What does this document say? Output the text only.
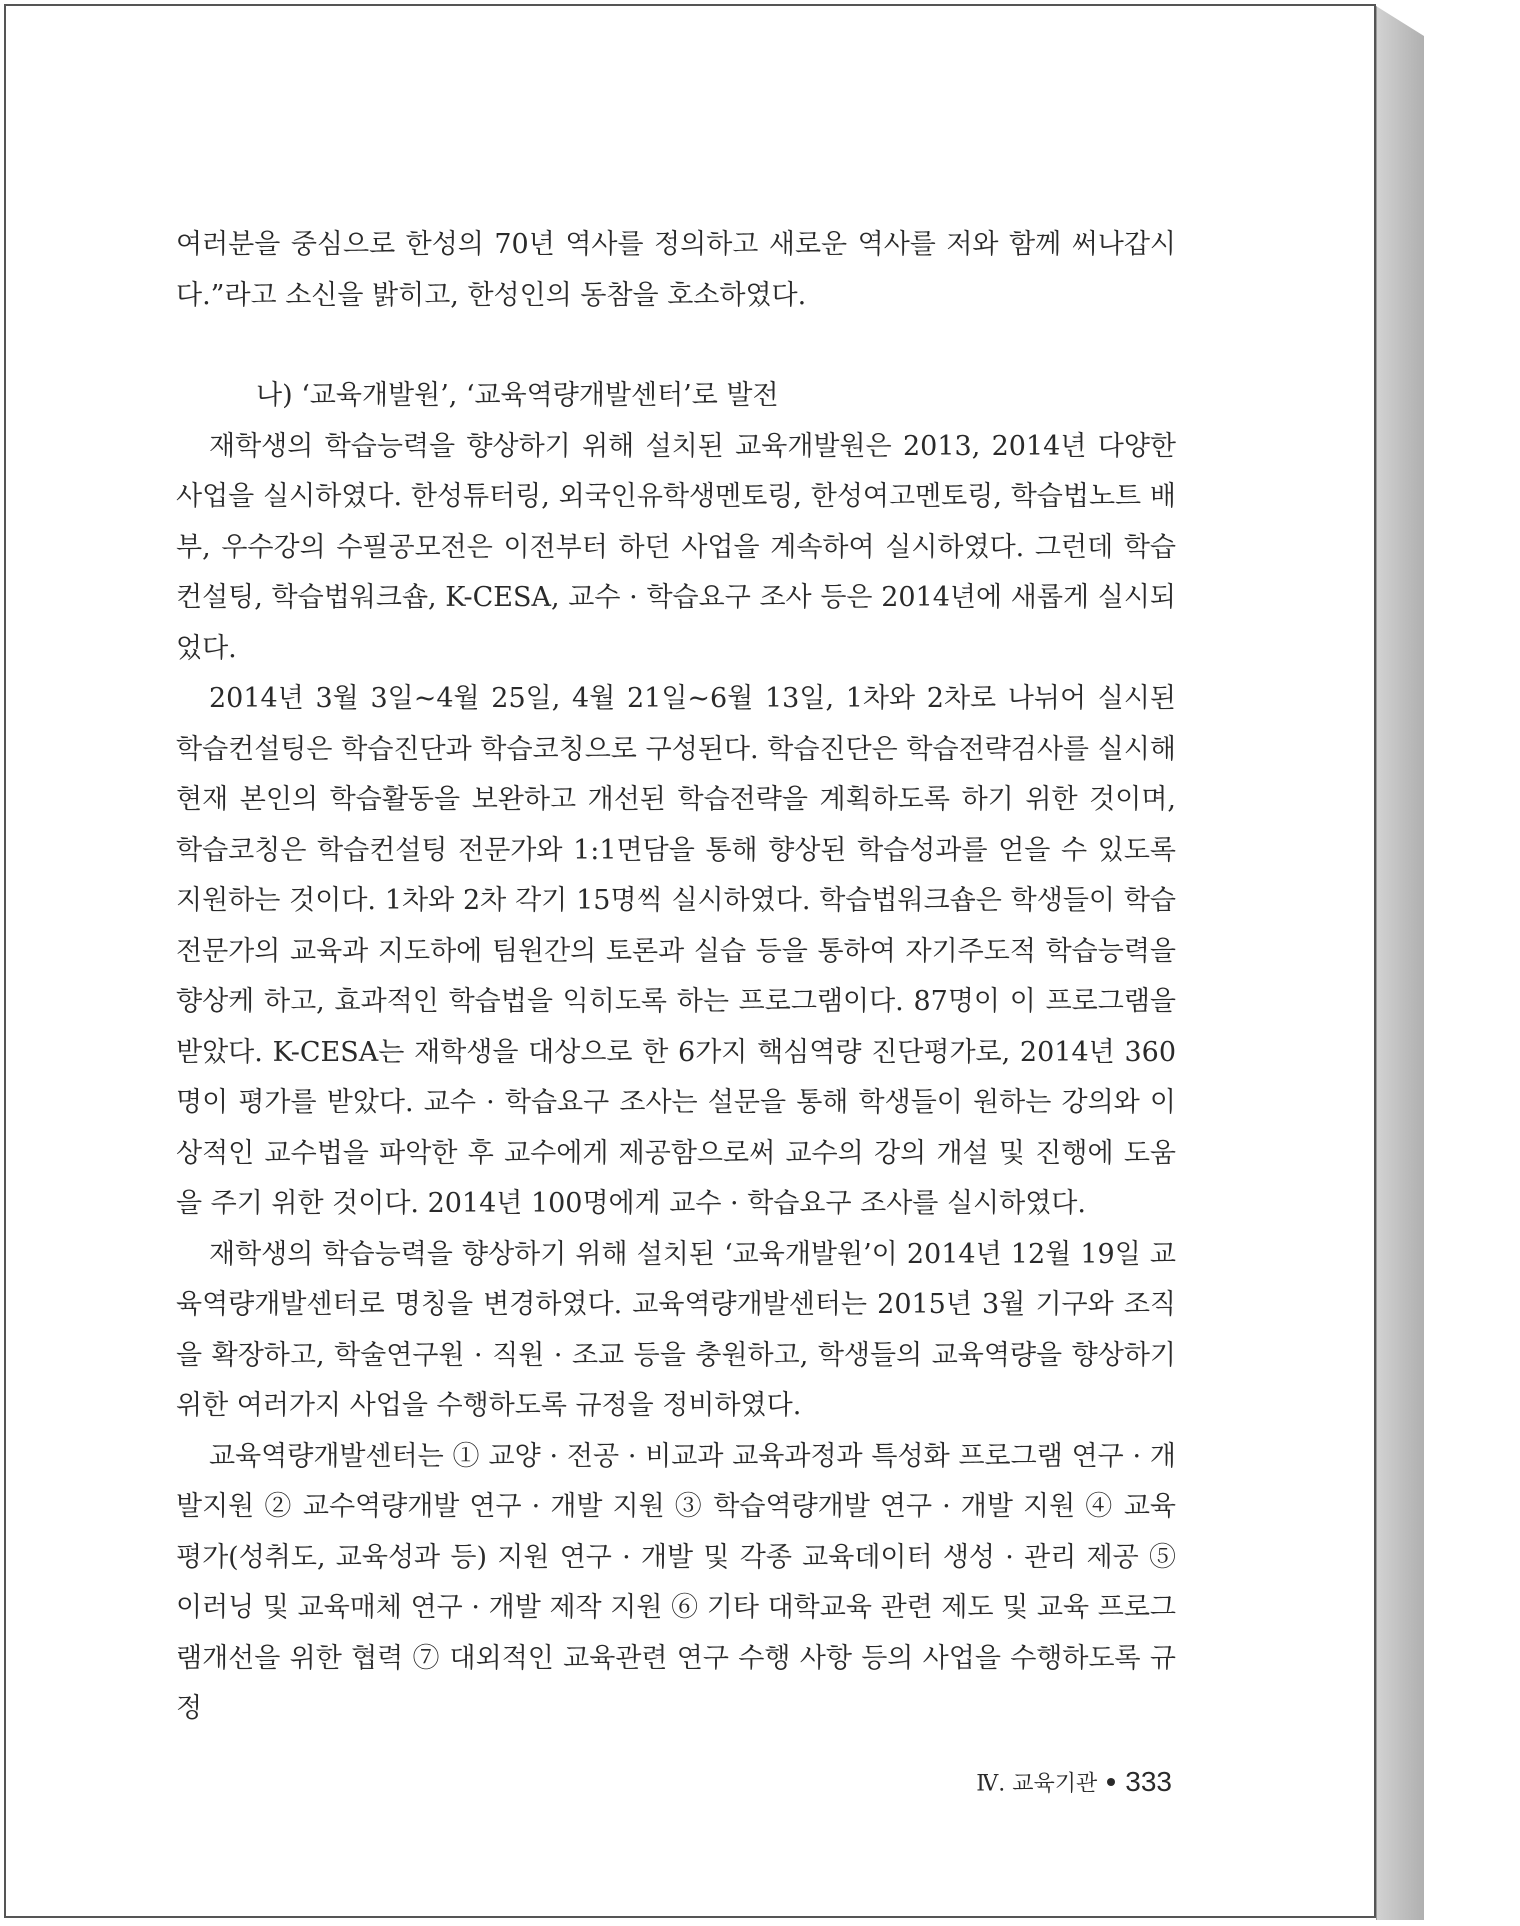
여러분을 중심으로 한성의 70년 역사를 정의하고 새로운 역사를 저와 함께 써나갑시다.”라고 소신을 밝히고, 한성인의 동참을 호소하였다.

나) ‘교육개발원’, ‘교육역량개발센터’로 발전

재학생의 학습능력을 향상하기 위해 설치된 교육개발원은 2013, 2014년 다양한 사업을 실시하였다. 한성튜터링, 외국인유학생멘토링, 한성여고멘토링, 학습법노트 배부, 우수강의 수필공모전은 이전부터 하던 사업을 계속하여 실시하였다. 그런데 학습컨설팅, 학습법워크숍, K-CESA, 교수 · 학습요구 조사 등은 2014년에 새롭게 실시되었다.

2014년 3월 3일~4월 25일, 4월 21일~6월 13일, 1차와 2차로 나뉘어 실시된 학습컨설팅은 학습진단과 학습코칭으로 구성된다. 학습진단은 학습전략검사를 실시해 현재 본인의 학습활동을 보완하고 개선된 학습전략을 계획하도록 하기 위한 것이며, 학습코칭은 학습컨설팅 전문가와 1:1면담을 통해 향상된 학습성과를 얻을 수 있도록 지원하는 것이다. 1차와 2차 각기 15명씩 실시하였다. 학습법워크숍은 학생들이 학습전문가의 교육과 지도하에 팀원간의 토론과 실습 등을 통하여 자기주도적 학습능력을 향상케 하고, 효과적인 학습법을 익히도록 하는 프로그램이다. 87명이 이 프로그램을 받았다. K-CESA는 재학생을 대상으로 한 6가지 핵심역량 진단평가로, 2014년 360명이 평가를 받았다. 교수 · 학습요구 조사는 설문을 통해 학생들이 원하는 강의와 이상적인 교수법을 파악한 후 교수에게 제공함으로써 교수의 강의 개설 및 진행에 도움을 주기 위한 것이다. 2014년 100명에게 교수 · 학습요구 조사를 실시하였다.

재학생의 학습능력을 향상하기 위해 설치된 ‘교육개발원’이 2014년 12월 19일 교육역량개발센터로 명칭을 변경하였다. 교육역량개발센터는 2015년 3월 기구와 조직을 확장하고, 학술연구원 · 직원 · 조교 등을 충원하고, 학생들의 교육역량을 향상하기 위한 여러가지 사업을 수행하도록 규정을 정비하였다.

교육역량개발센터는 ① 교양 · 전공 · 비교과 교육과정과 특성화 프로그램 연구 · 개발지원 ② 교수역량개발 연구 · 개발 지원 ③ 학습역량개발 연구 · 개발 지원 ④ 교육평가(성취도, 교육성과 등) 지원 연구 · 개발 및 각종 교육데이터 생성 · 관리 제공 ⑤ 이러닝 및 교육매체 연구 · 개발 제작 지원 ⑥ 기타 대학교육 관련 제도 및 교육 프로그램개선을 위한 협력 ⑦ 대외적인 교육관련 연구 수행 사항 등의 사업을 수행하도록 규정

Ⅳ. 교육기관 333
